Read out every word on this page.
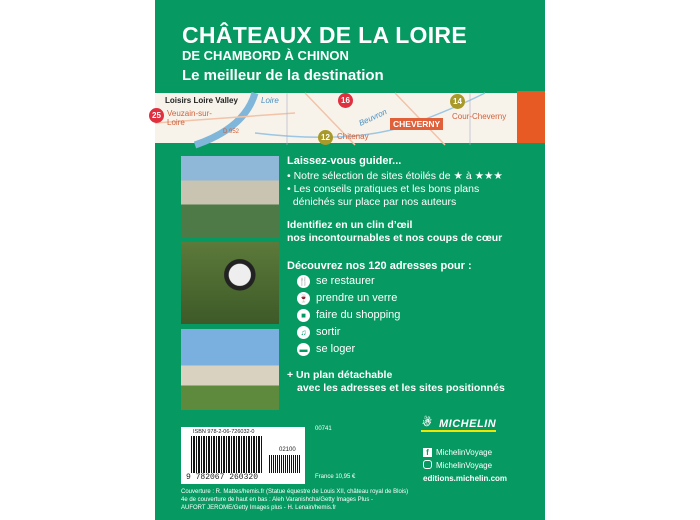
CHÂTEAUX DE LA LOIRE
DE CHAMBORD À CHINON
Le meilleur de la destination
Loisirs Loire Valley
Veuzain-sur-Loire
Loire
D 952
Beuvron
Chitenay
CHEVERNY
Cour-Cheverny
25
16
12
14
Laissez-vous guider...
• Notre sélection de sites étoilés de ★ à ★★★
• Les conseils pratiques et les bons plans
dénichés sur place par nos auteurs
Identifiez en un clin d’œil
nos incontournables et nos coups de cœur
Découvrez nos 120 adresses pour :
🍴 se restaurer
🍷 prendre un verre
■ faire du shopping
♫ sortir
▬ se loger
+ Un plan détachable
avec les adresses et les sites positionnés
ISBN 978-2-06-726032-0
02100
9 782067 260320
00741
France 10,95 €
Couverture : R. Mattes/hemis.fr (Statue équestre de Louis XII, château royal de Blois)
4e de couverture de haut en bas : Aleh Varanishcha/Getty Images Plus -
AUFORT JEROME/Getty Images plus - H. Lenain/hemis.fr
☃ MICHELIN
f MichelinVoyage
MichelinVoyage
editions.michelin.com
